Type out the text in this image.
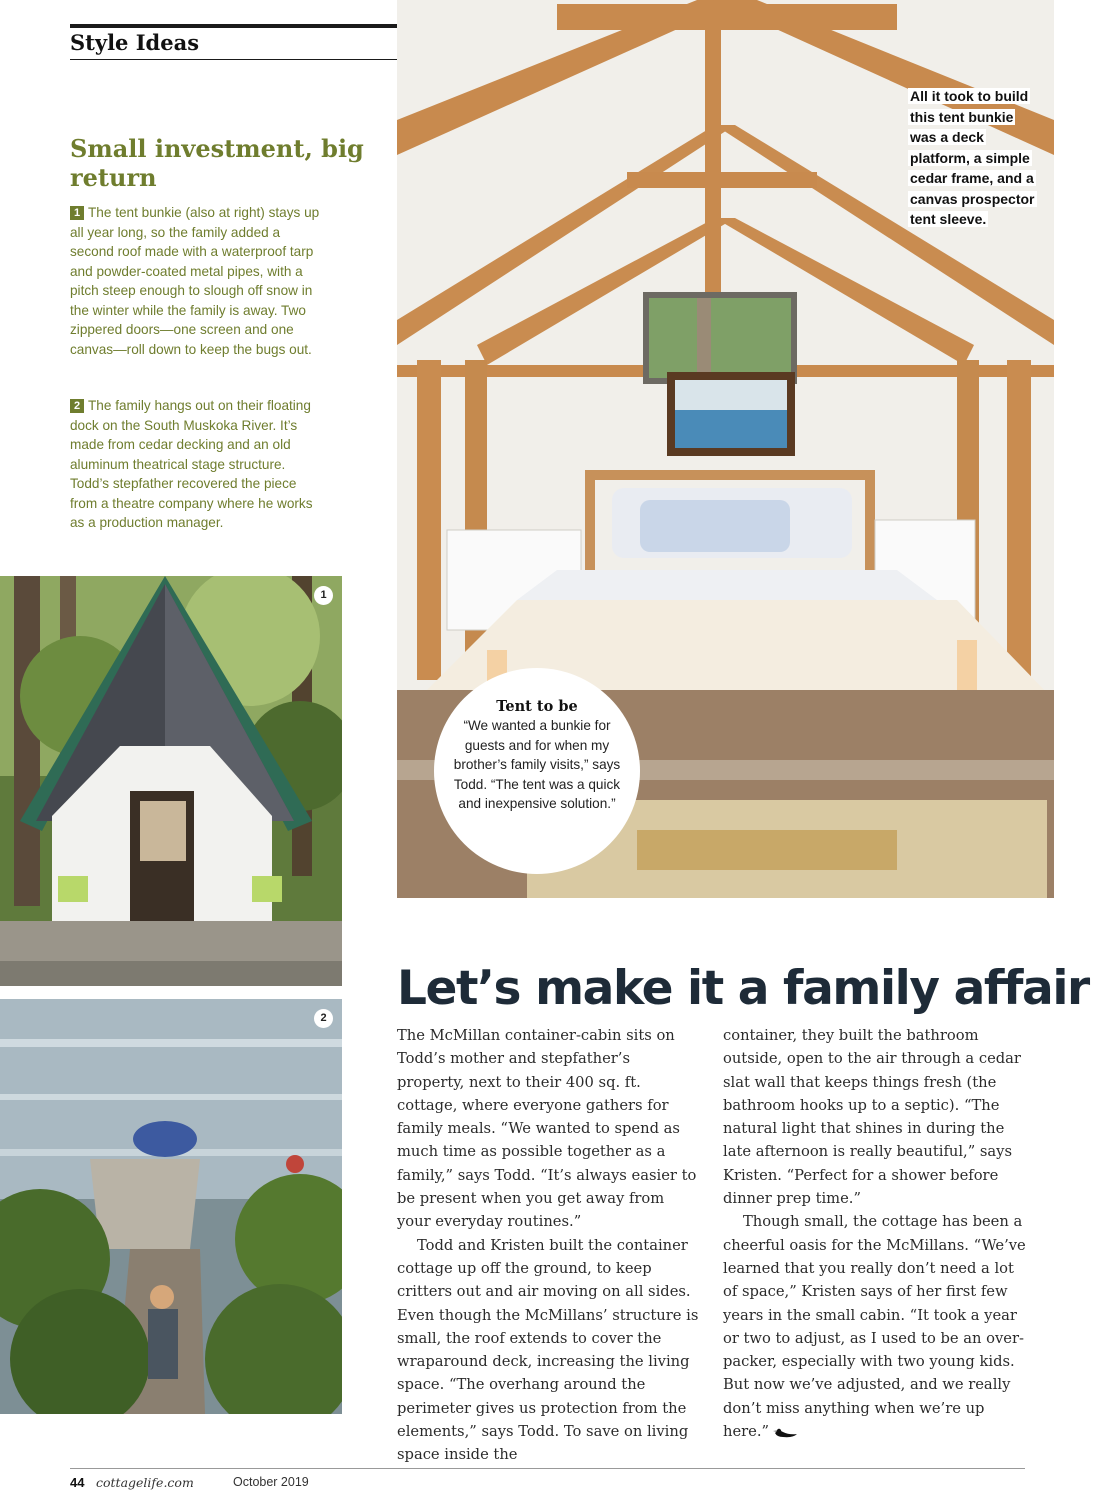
Style Ideas
Small investment, big return

1 The tent bunkie (also at right) stays up all year long, so the family added a second roof made with a waterproof tarp and powder-coated metal pipes, with a pitch steep enough to slough off snow in the winter while the family is away. Two zippered doors—one screen and one canvas—roll down to keep the bugs out.

2 The family hangs out on their floating dock on the South Muskoka River. It’s made from cedar decking and an old aluminum theatrical stage structure. Todd’s stepfather recovered the piece from a theatre company where he works as a production manager.

1
2
All it took to build this tent bunkie was a deck platform, a simple cedar frame, and a canvas prospector tent sleeve.
Tent to be
“We wanted a bunkie for guests and for when my brother’s family visits,” says Todd. “The tent was a quick and inexpensive solution.”
Let’s make it a family affair

The McMillan container-cabin sits on Todd’s mother and stepfather’s property, next to their 400 sq. ft. cottage, where everyone gathers for family meals. “We wanted to spend as much time as possible together as a family,” says Todd. “It’s always easier to be present when you get away from your everyday routines.”

Todd and Kristen built the container cottage up off the ground, to keep critters out and air moving on all sides. Even though the McMillans’ structure is small, the roof extends to cover the wraparound deck, increasing the living space. “The overhang around the perimeter gives us protection from the elements,” says Todd. To save on living space inside the

container, they built the bathroom outside, open to the air through a cedar slat wall that keeps things fresh (the bathroom hooks up to a septic). “The natural light that shines in during the late afternoon is really beautiful,” says Kristen. “Perfect for a shower before dinner prep time.”

Though small, the cottage has been a cheerful oasis for the McMillans. “We’ve learned that you really don’t need a lot of space,” Kristen says of her first few years in the small cabin. “It took a year or two to adjust, as I used to be an over-packer, especially with two young kids. But now we’ve adjusted, and we really don’t miss anything when we’re up here.”

44 cottagelife.com	October 2019
